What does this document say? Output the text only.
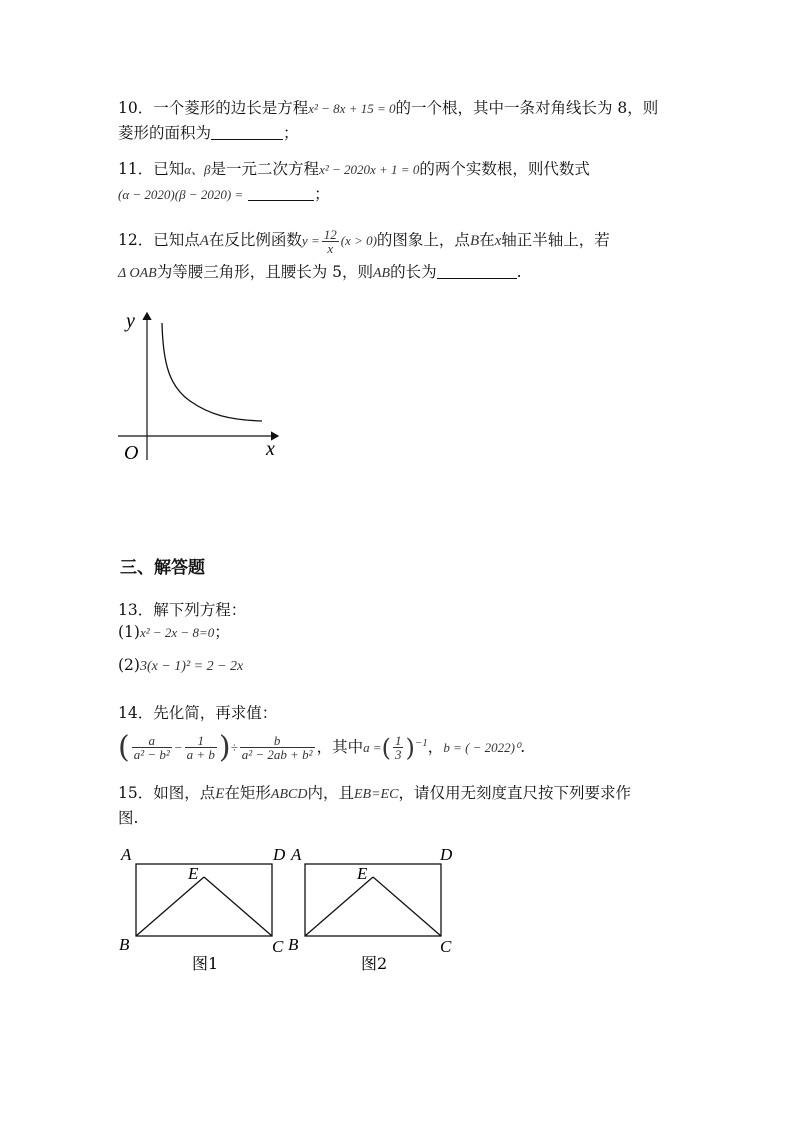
10．一个菱形的边长是方程x² − 8x + 15 = 0的一个根，其中一条对角线长为 8，则
菱形的面积为	；
11．已知α、β是一元二次方程x² − 2020x + 1 = 0的两个实数根，则代数式
(α − 2020)(β − 2020) =	；
12．已知点A在反比例函数$y = \frac{12}{x} (x > 0)$的图象上，点B在x轴正半轴上，若
Δ OAB为等腰三角形，且腰长为 5，则AB的长为	.
y
x
O
三、解答题
13．解下列方程：
(1)x² − 2x − 8=0；
(2)3(x − 1)² = 2 − 2x
14．先化简，再求值：
( $\frac{a}{\text{a² − b²}} - \frac{1}{a + b}$ )÷ $\frac{b}{\text{a² − 2ab + b²}}$ ，其中a =( $\frac{1}{3} )^{-1}$，b = ( − 2022)⁰.
15．如图，点E在矩形ABCD内，且EB=EC，请仅用无刻度直尺按下列要求作
图.
A	D
E
B	C
图1
A	D
E
B	C
图2
